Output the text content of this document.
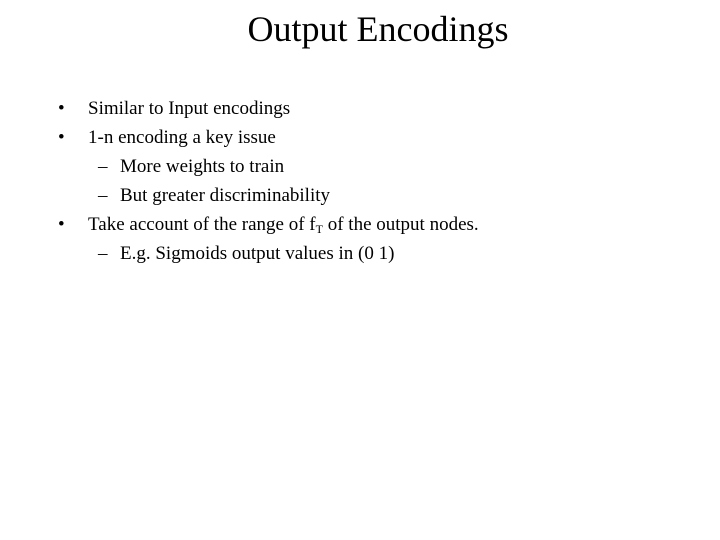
Output Encodings
• Similar to Input encodings
• 1-n encoding a key issue
– More weights to train
– But greater discriminability
• Take account of the range of $f_T$ of the output nodes.
– E.g. Sigmoids output values in (0 1)
